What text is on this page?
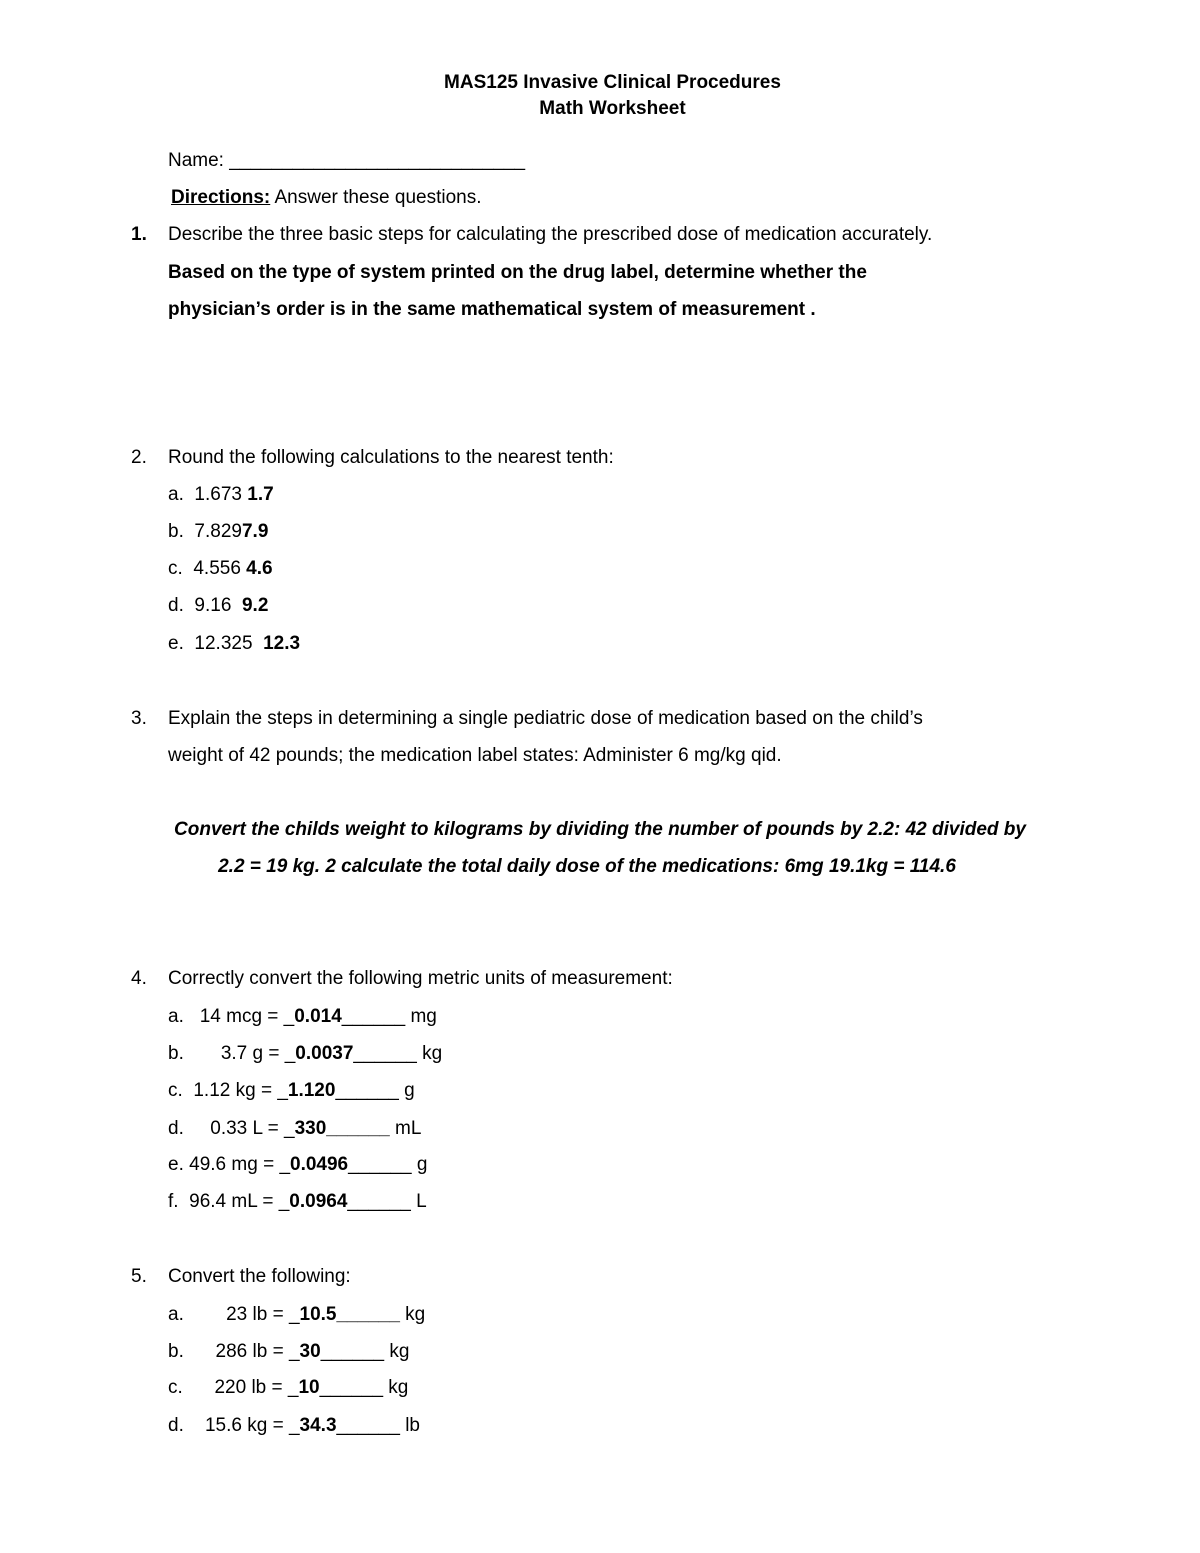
MAS125 Invasive Clinical Procedures
Math Worksheet
Name: ____________________________
Directions: Answer these questions.
1. Describe the three basic steps for calculating the prescribed dose of medication accurately.
Based on the type of system printed on the drug label, determine whether the
physician’s order is in the same mathematical system of measurement .
2. Round the following calculations to the nearest tenth:
a. 1.673 1.7
b. 7.8297.9
c. 4.556 4.6
d. 9.16  9.2
e. 12.325  12.3
3. Explain the steps in determining a single pediatric dose of medication based on the child’s
weight of 42 pounds; the medication label states: Administer 6 mg/kg qid.
Convert the childs weight to kilograms by dividing the number of pounds by 2.2: 42 divided by
2.2 = 19 kg. 2 calculate the total daily dose of the medications: 6mg 19.1kg = 114.6
4. Correctly convert the following metric units of measurement:
a. 14 mcg = _0.014______ mg
b. 3.7 g = _0.0037______ kg
c. 1.12 kg = _1.120______ g
d. 0.33 L = _330______ mL
e. 49.6 mg = _0.0496______ g
f. 96.4 mL = _0.0964______ L
5. Convert the following:
a. 23 lb = _10.5______ kg
b. 286 lb = _30______ kg
c. 220 lb = _10______ kg
d. 15.6 kg = _34.3______ lb
